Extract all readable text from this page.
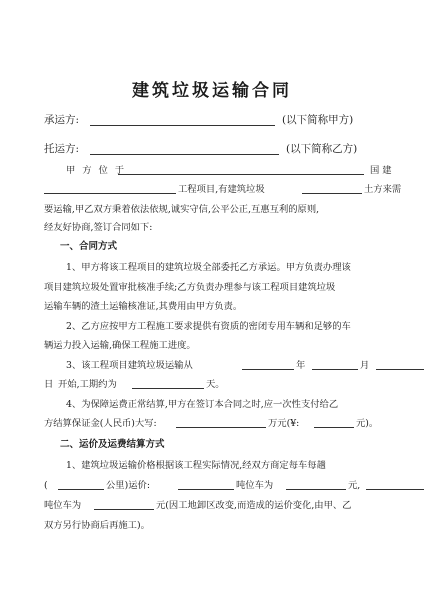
建筑垃圾运输合同
承运方:	(以下简称甲方)
托运方:	(以下简称乙方)
甲 方 位 于	国 建
工程项目,有建筑垃圾	土方来需
要运输,甲乙双方秉着依法依规,诚实守信,公平公正,互惠互利的原则,
经友好协商,签订合同如下:
一、合同方式
1、甲方将该工程项目的建筑垃圾全部委托乙方承运。甲方负责办理该
项目建筑垃圾处置审批核准手续;乙方负责办理参与该工程项目建筑垃圾
运输车辆的渣土运输核准证,其费用由甲方负责。
2、乙方应按甲方工程施工要求提供有资质的密闭专用车辆和足够的车
辆运力投入运输,确保工程施工进度。
3、该工程项目建筑垃圾运输从	年	月
日 开始,工期约为	天。
4、为保障运费正常结算,甲方在签订本合同之时,应一次性支付给乙
方结算保证金(人民币)大写:	万元(¥:	元)。
二、运价及运费结算方式
1、建筑垃圾运输价格根据该工程实际情况,经双方商定每车每趟
(	公里)运价:	吨位车为	元,
吨位车为	元(因工地卸区改变,而造成的运价变化,由甲、乙
双方另行协商后再施工)。
